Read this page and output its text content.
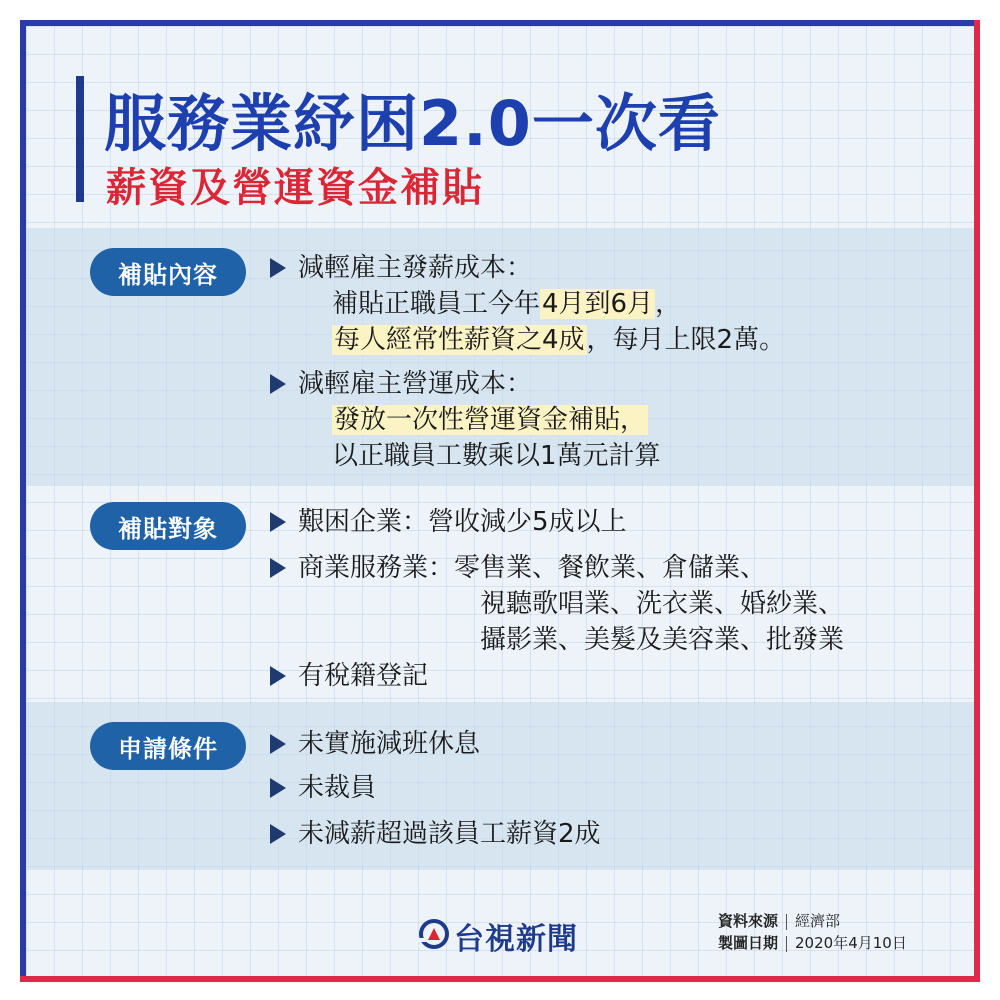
服務業紓困2.0一次看
薪資及營運資金補貼
補貼內容	減輕雇主發薪成本：
補貼正職員工今年4月到6月，
每人經常性薪資之4成，每月上限2萬。
減輕雇主營運成本：
發放一次性營運資金補貼，
以正職員工數乘以1萬元計算
補貼對象	艱困企業：營收減少5成以上
商業服務業：零售業、餐飲業、倉儲業、
視聽歌唱業、洗衣業、婚紗業、
攝影業、美髮及美容業、批發業
有稅籍登記
申請條件	未實施減班休息
未裁員
未減薪超過該員工薪資2成
台視新聞
資料來源 經濟部
製圖日期 2020年4月10日
